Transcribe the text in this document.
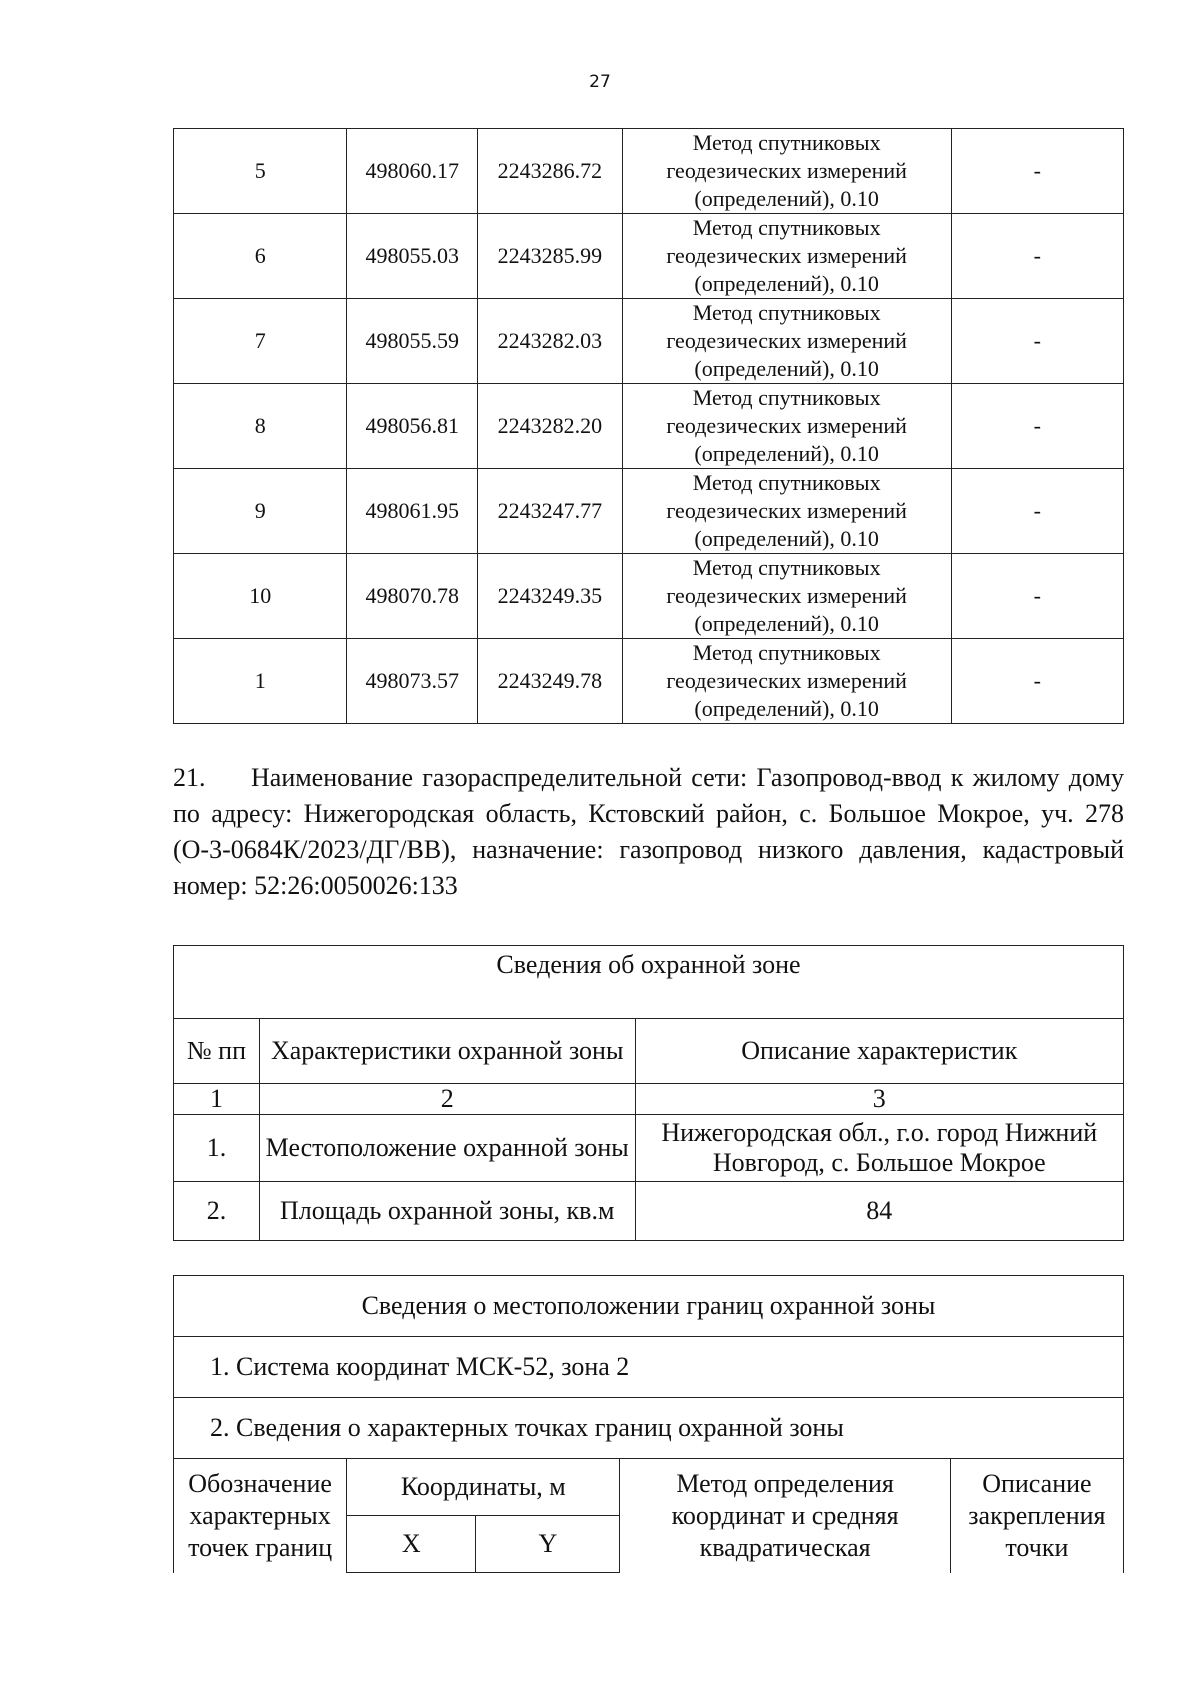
27
5	498060.17	2243286.72	Метод спутниковых
геодезических измерений
(определений), 0.10	-
6	498055.03	2243285.99	Метод спутниковых
геодезических измерений
(определений), 0.10	-
7	498055.59	2243282.03	Метод спутниковых
геодезических измерений
(определений), 0.10	-
8	498056.81	2243282.20	Метод спутниковых
геодезических измерений
(определений), 0.10	-
9	498061.95	2243247.77	Метод спутниковых
геодезических измерений
(определений), 0.10	-
10	498070.78	2243249.35	Метод спутниковых
геодезических измерений
(определений), 0.10	-
1	498073.57	2243249.78	Метод спутниковых
геодезических измерений
(определений), 0.10	-
21. Наименование газораспределительной сети: Газопровод-ввод к жилому дому по адресу: Нижегородская область, Кстовский район, с. Большое Мокрое, уч. 278 (О-3-0684К/2023/ДГ/ВВ), назначение: газопровод низкого давления, кадастровый номер: 52:26:0050026:133
Сведения об охранной зоне		
№ пп	Характеристики охранной зоны	Описание характеристик
1	2	3
1.	Местоположение охранной зоны	Нижегородская обл., г.о. город Нижний Новгород, с. Большое Мокрое
2.	Площадь охранной зоны, кв.м	84
Сведения о местоположении границ охранной зоны				
1. Система координат МСК-52, зона 2				
2. Сведения о характерных точках границ охранной зоны				
Обозначение характерных точек границ	Координаты, м		Метод определения координат и средняя квадратическая	Описание закрепления точки
	X	Y		
